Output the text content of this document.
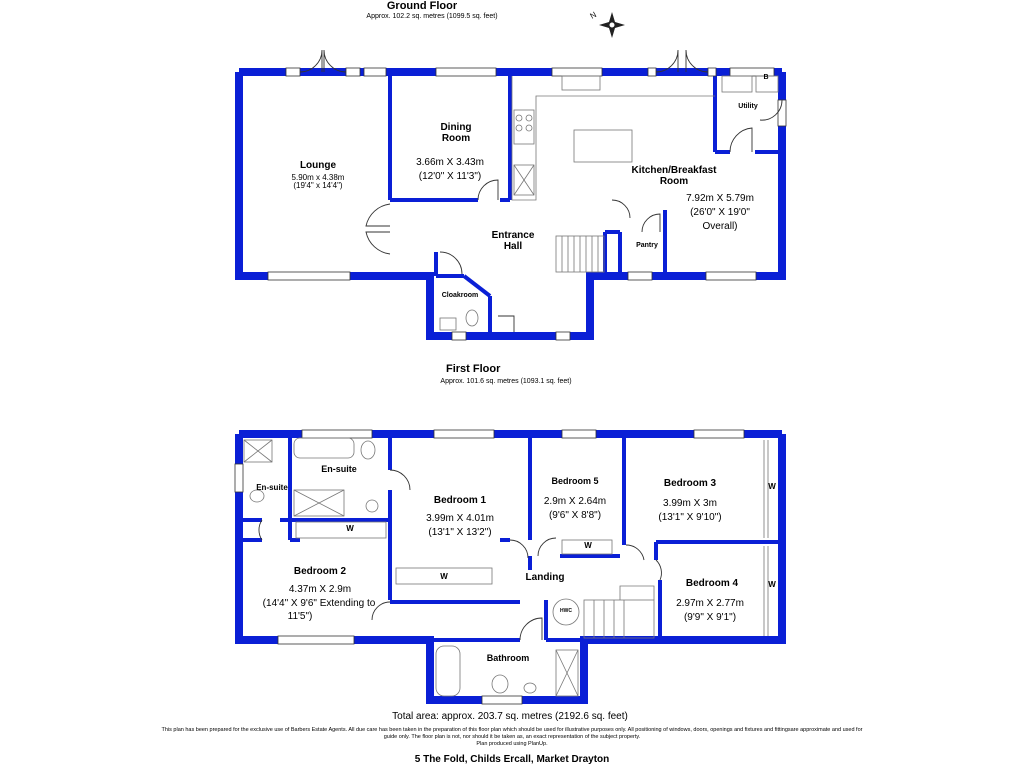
N
Ground Floor
Approx. 102.2 sq. metres (1099.5 sq. feet)
Lounge
5.90m x 4.38m
(19'4" x 14'4")
Dining
Room
3.66m X 3.43m
(12'0" X 11'3")
Kitchen/Breakfast
Room
7.92m X 5.79m
(26'0" X 19'0"
Overall)
Utility
B
Entrance
Hall	Pantry
Cloakroom
First Floor
Approx. 101.6 sq. metres (1093.1 sq. feet)
En-suite
En-suite
Bedroom 1
3.99m X 4.01m
(13'1" X 13'2")
Bedroom 5
2.9m X 2.64m
(9'6" X 8'8")
Bedroom 3
3.99m X 3m
(13'1" X 9'10")
Bedroom 2
4.37m X 2.9m
(14'4" X 9'6" Extending to
11'5")
Bedroom 4
2.97m X 2.77m
(9'9" X 9'1")
Landing
Bathroom
HWC
W
W
W
W
W
Total area: approx. 203.7 sq. metres (2192.6 sq. feet)
This plan has been prepared for the exclusive use of Barbers Estate Agents. All due care has been taken in the preparation of this floor plan which should be used for illustrative purposes only. All positioning of windows, doors, openings and fixtures and fittingsare approximate and used for guide only. The floor plan is not, nor should it be taken as, an exact representation of the subject property.
Plan produced using PlanUp.
5 The Fold, Childs Ercall, Market Drayton
